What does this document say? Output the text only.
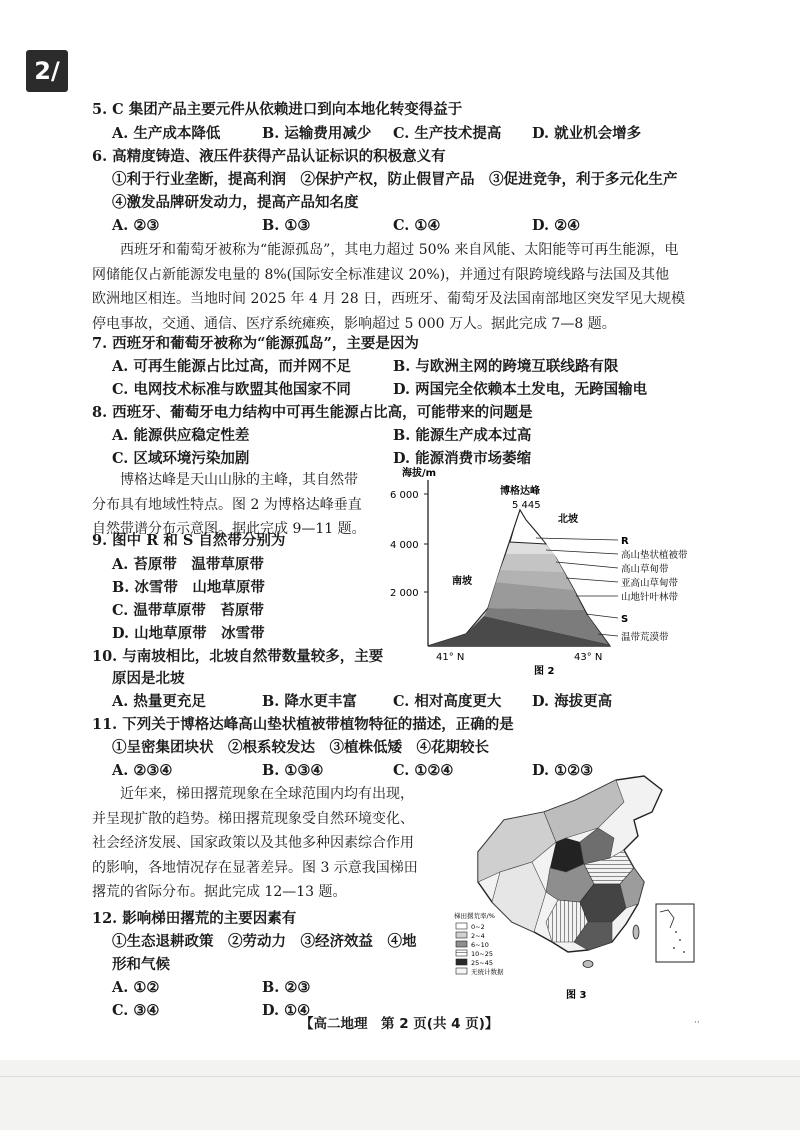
2/
5. C 集团产品主要元件从依赖进口到向本地化转变得益于
A. 生产成本降低	B. 运输费用减少 C. 生产技术提高 D. 就业机会增多
6. 高精度铸造、液压件获得产品认证标识的积极意义有
①利于行业垄断，提高利润　②保护产权，防止假冒产品　③促进竞争，利于多元化生产
④激发品牌研发动力，提高产品知名度
A. ②③	B. ①③	C. ①④	D. ②④
　　西班牙和葡萄牙被称为“能源孤岛”，其电力超过 50% 来自风能、太阳能等可再生能源，电
网储能仅占新能源发电量的 8%(国际安全标准建议 20%)，并通过有限跨境线路与法国及其他
欧洲地区相连。当地时间 2025 年 4 月 28 日，西班牙、葡萄牙及法国南部地区突发罕见大规模
停电事故，交通、通信、医疗系统瘫痪，影响超过 5 000 万人。据此完成 7—8 题。
7. 西班牙和葡萄牙被称为“能源孤岛”，主要是因为
A. 可再生能源占比过高，而并网不足	B. 与欧洲主网的跨境互联线路有限
C. 电网技术标准与欧盟其他国家不同	D. 两国完全依赖本土发电，无跨国输电
8. 西班牙、葡萄牙电力结构中可再生能源占比高，可能带来的问题是
A. 能源供应稳定性差	B. 能源生产成本过高
C. 区域环境污染加剧	D. 能源消费市场萎缩
　　博格达峰是天山山脉的主峰，其自然带
分布具有地域性特点。图 2 为博格达峰垂直
自然带谱分布示意图。据此完成 9—11 题。
9. 图中 R 和 S 自然带分别为
A. 苔原带　温带草原带
B. 冰雪带　山地草原带
C. 温带草原带　苔原带
D. 山地草原带　冰雪带
10. 与南坡相比，北坡自然带数量较多，主要
原因是北坡
A. 热量更充足	B. 降水更丰富 C. 相对高度更大 D. 海拔更高
11. 下列关于博格达峰高山垫状植被带植物特征的描述，正确的是
①呈密集团块状　②根系较发达　③植株低矮　④花期较长
A. ②③④	B. ①③④	C. ①②④	D. ①②③
　　近年来，梯田撂荒现象在全球范围内均有出现，
并呈现扩散的趋势。梯田撂荒现象受自然环境变化、
社会经济发展、国家政策以及其他多种因素综合作用
的影响，各地情况存在显著差异。图 3 示意我国梯田
撂荒的省际分布。据此完成 12—13 题。
12. 影响梯田撂荒的主要因素有
①生态退耕政策　②劳动力　③经济效益　④地
形和气候
A. ①②	B. ②③
C. ③④	D. ①④
海拔/m
6 000
4 000
2 000
博格达峰
5 445
北坡
南坡
R
高山垫状植被带
高山草甸带
亚高山草甸带
山地针叶林带
S
温带荒漠带
41° N	43° N
图 2
梯田撂荒率/%
0~2
2~4
6~10
10~25
25~45
无统计数据
图 3
【高二地理　第 2 页(共 4 页)】	··
